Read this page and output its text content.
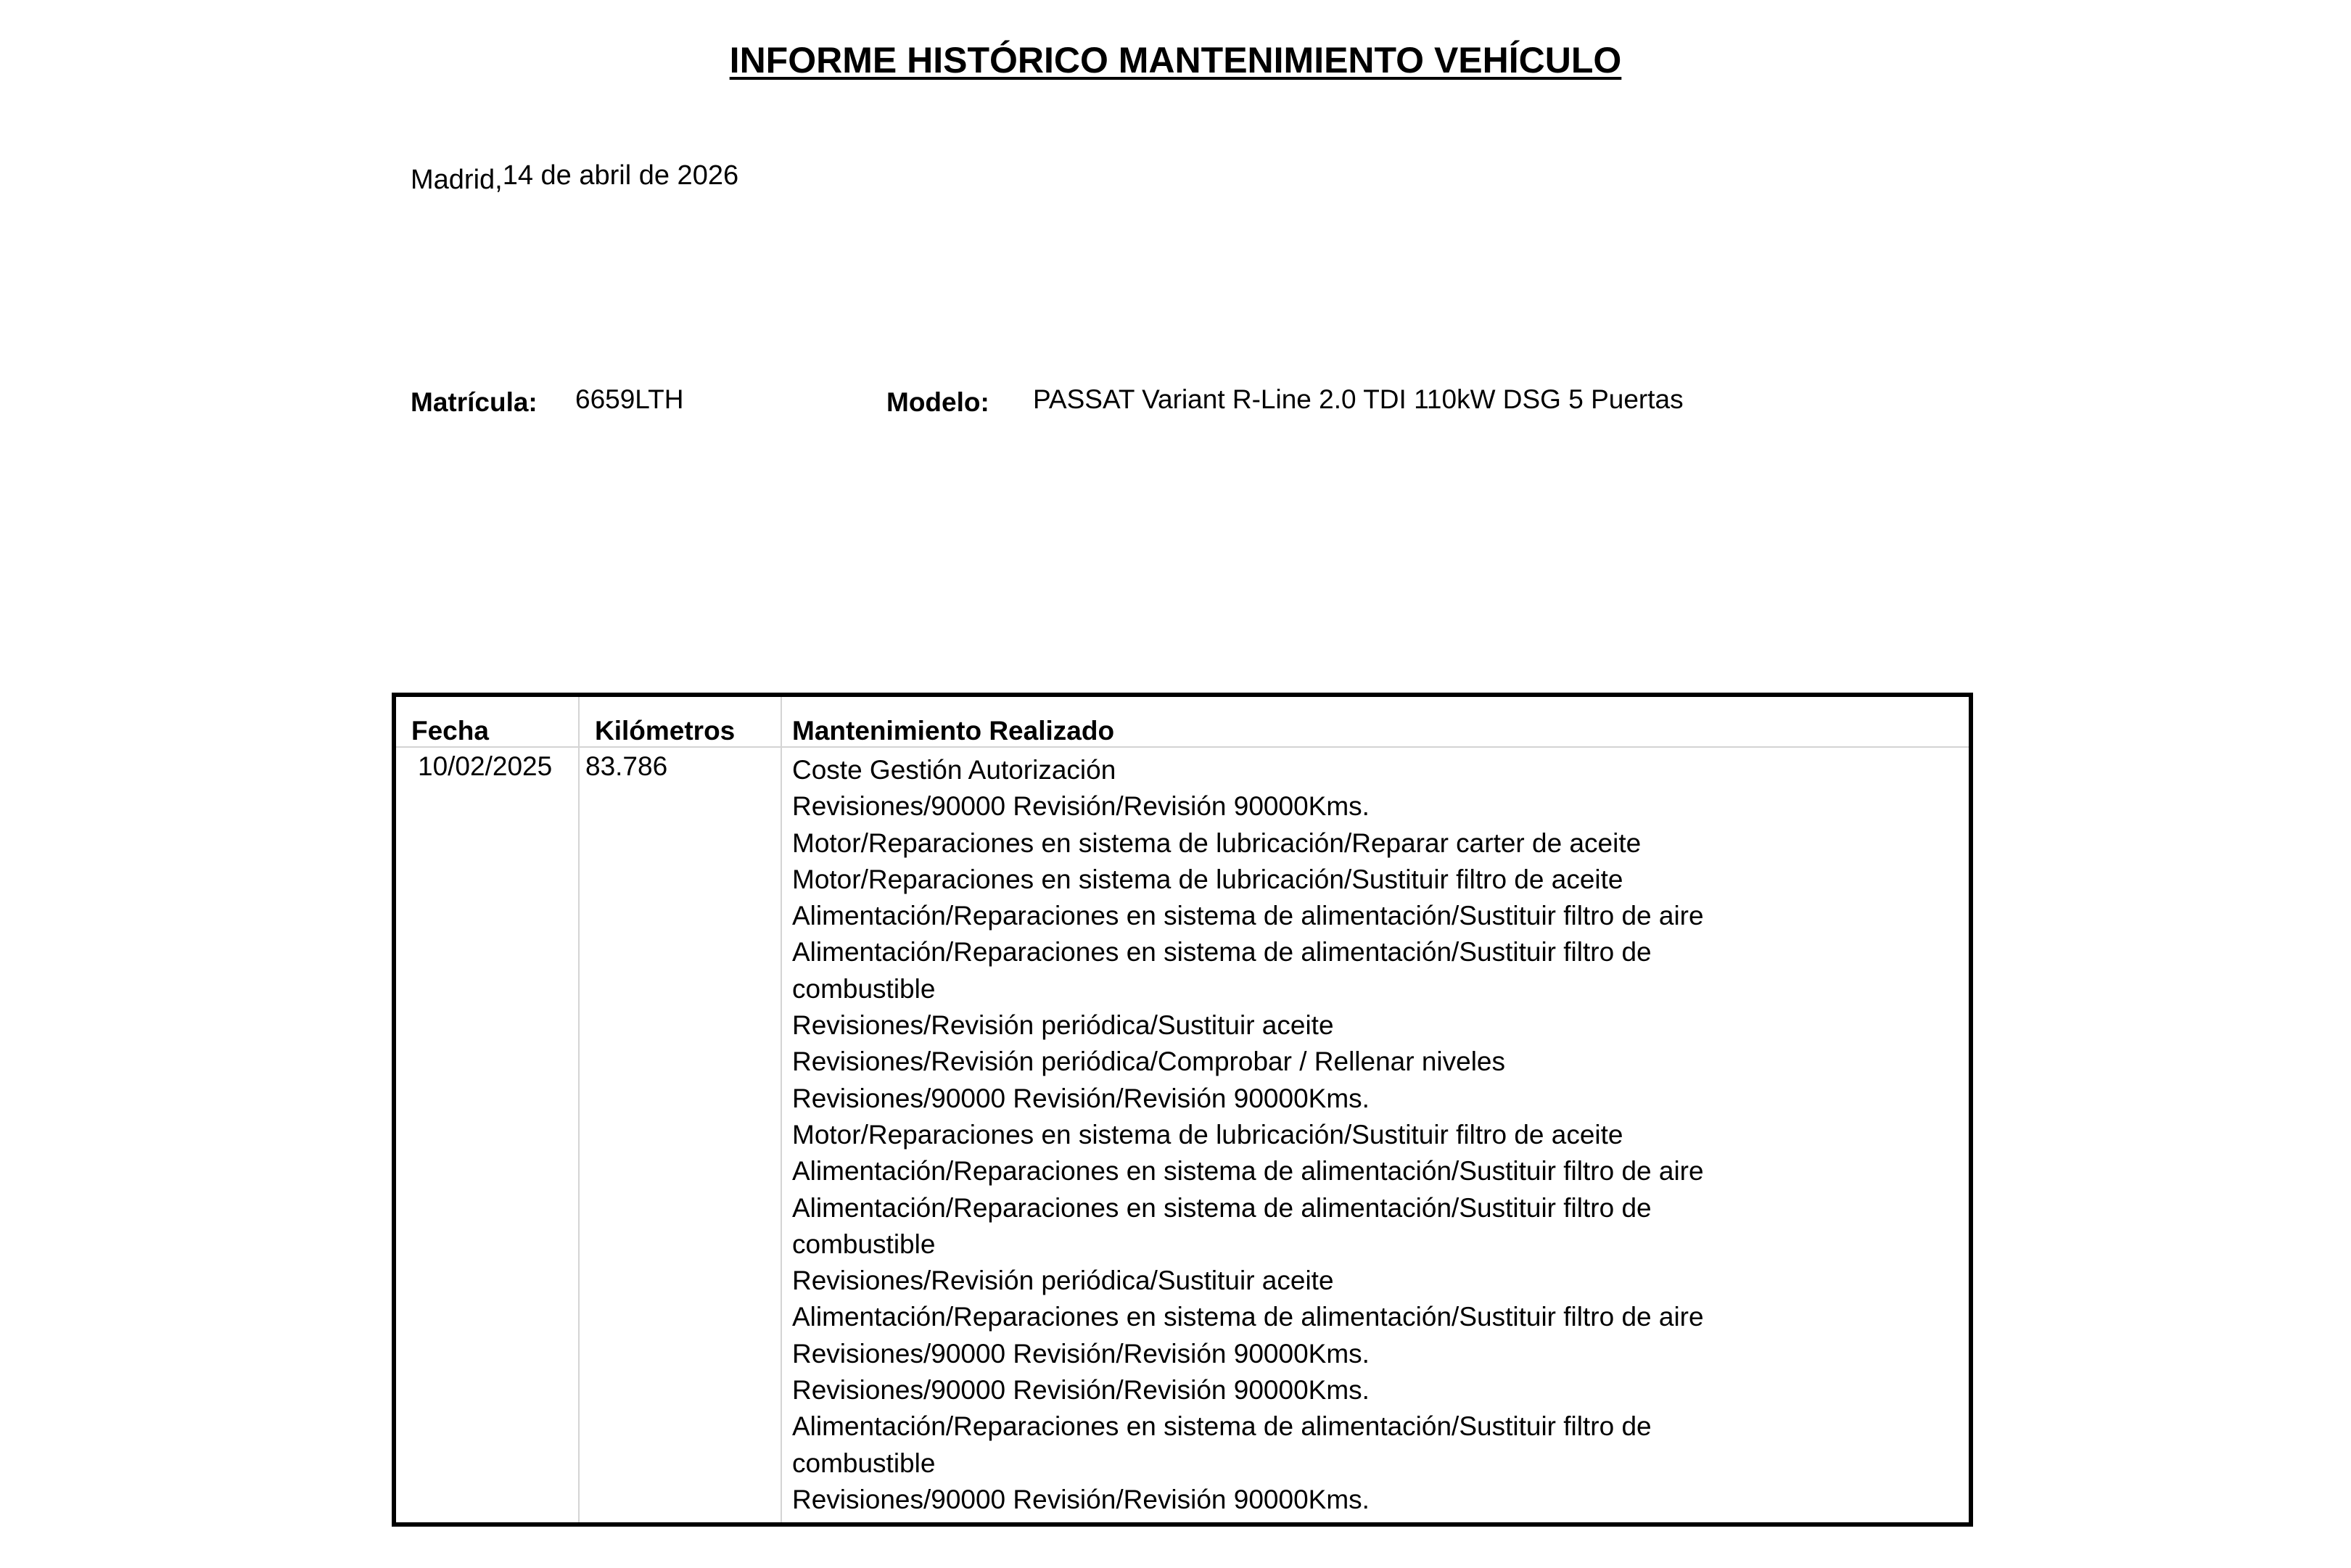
INFORME HISTÓRICO MANTENIMIENTO VEHÍCULO
Madrid,14 de abril de 2026
Matrícula: 6659LTH	Modelo: PASSAT Variant R-Line 2.0 TDI 110kW DSG 5 Puertas
Fecha	Kilómetros Mantenimiento Realizado
10/02/2025 83.786	Coste Gestión Autorización
Revisiones/90000 Revisión/Revisión 90000Kms.
Motor/Reparaciones en sistema de lubricación/Reparar carter de aceite
Motor/Reparaciones en sistema de lubricación/Sustituir filtro de aceite
Alimentación/Reparaciones en sistema de alimentación/Sustituir filtro de aire
Alimentación/Reparaciones en sistema de alimentación/Sustituir filtro de
combustible
Revisiones/Revisión periódica/Sustituir aceite
Revisiones/Revisión periódica/Comprobar / Rellenar niveles
Revisiones/90000 Revisión/Revisión 90000Kms.
Motor/Reparaciones en sistema de lubricación/Sustituir filtro de aceite
Alimentación/Reparaciones en sistema de alimentación/Sustituir filtro de aire
Alimentación/Reparaciones en sistema de alimentación/Sustituir filtro de
combustible
Revisiones/Revisión periódica/Sustituir aceite
Alimentación/Reparaciones en sistema de alimentación/Sustituir filtro de aire
Revisiones/90000 Revisión/Revisión 90000Kms.
Revisiones/90000 Revisión/Revisión 90000Kms.
Alimentación/Reparaciones en sistema de alimentación/Sustituir filtro de
combustible
Revisiones/90000 Revisión/Revisión 90000Kms.
